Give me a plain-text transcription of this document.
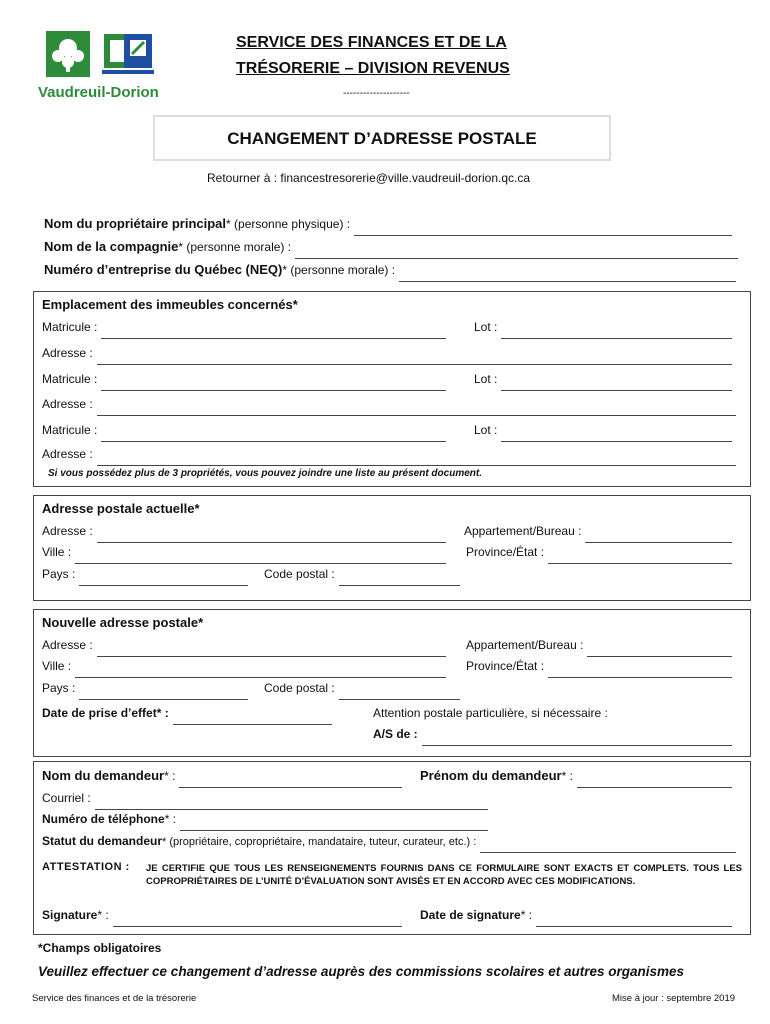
Vaudreuil-Dorion
SERVICE DES FINANCES ET DE LA
TRÉSORERIE – DIVISION REVENUS
--------------------
CHANGEMENT D’ADRESSE POSTALE
Retourner à : financestresorerie@ville.vaudreuil-dorion.qc.ca
Nom du propriétaire principal * (personne physique) :
Nom de la compagnie * (personne morale) :
Numéro d’entreprise du Québec (NEQ) * (personne morale) :
Emplacement des immeubles concernés*
Matricule :	Lot :
Adresse :
Matricule :	Lot :
Adresse :
Matricule :	Lot :
Adresse :
Si vous possédez plus de 3 propriétés, vous pouvez joindre une liste au présent document.
Adresse postale actuelle*
Adresse :	Appartement/Bureau :
Ville :	Province/État :
Pays :	Code postal :
Nouvelle adresse postale*
Adresse :	Appartement/Bureau :
Ville :	Province/État :
Pays :	Code postal :
Date de prise d’effet* :	Attention postale particulière, si nécessaire :
A/S de :
Nom du demandeur * :	Prénom du demandeur * :
Courriel :
Numéro de téléphone * :
Statut du demandeur * (propriétaire, copropriétaire, mandataire, tuteur, curateur, etc.) :
ATTESTATION : JE CERTIFIE QUE TOUS LES RENSEIGNEMENTS FOURNIS DANS CE FORMULAIRE SONT EXACTS ET COMPLETS. TOUS LES COPROPRIÉTAIRES DE L’UNITÉ D’ÉVALUATION SONT AVISÉS ET EN ACCORD AVEC CES MODIFICATIONS.
Signature * :	Date de signature * :
*Champs obligatoires
Veuillez effectuer ce changement d’adresse auprès des commissions scolaires et autres organismes
Service des finances et de la trésorerie	Mise à jour : septembre 2019
